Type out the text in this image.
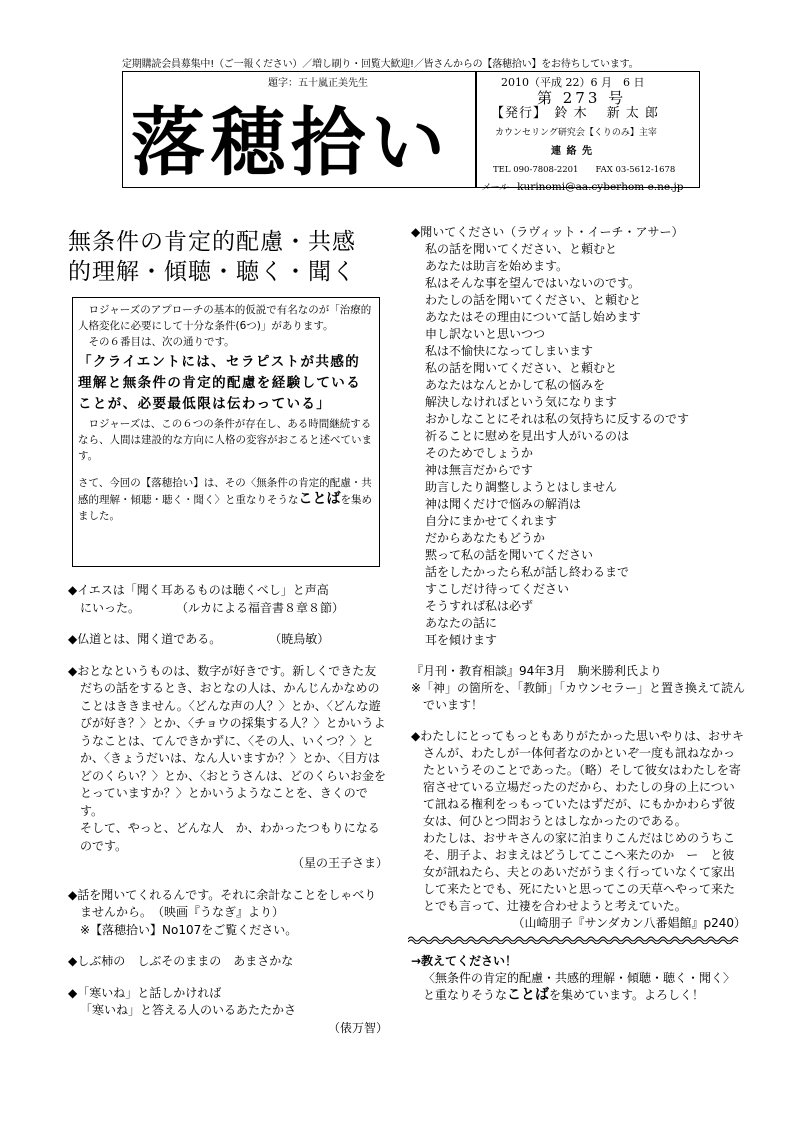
定期購読会員募集中!（ご一報ください）／増し刷り・回覧大歓迎!／皆さんからの【落穂拾い】をお待ちしています。
題字：五十嵐正美先生
落穂拾い
2010（平成 22）6 月　6 日
第 273 号
【発行】　鈴 木　 新 太 郎
カウンセリング研究会【くりのみ】主宰
連 絡 先
TEL 090-7808-2201　　FAX 03-5612-1678
メール kurinomi@aa.cyberhom e.ne.jp
無条件の肯定的配慮・共感
的理解・傾聴・聴く・聞く

　ロジャーズのアプローチの基本的仮説で有名なのが「治療的人格変化に必要にして十分な条件(6つ)」があります。

　その６番目は、次の通りです。

「クライエントには、セラピストが共感的理解と無条件の肯定的配慮を経験していることが、必要最低限は伝わっている」

　ロジャーズは、この６つの条件が存在し、ある時間継続するなら、人間は建設的な方向に人格の変容がおこると述べています。

さて、今回の【落穂拾い】は、その〈無条件の肯定的配慮・共感的理解・傾聴・聴く・聞く〉と重なりそうなことばを集めました。

◆イエスは「聞く耳あるものは聴くべし」と声高

にいった。　　　　（ルカによる福音書８章８節）

◆仏道とは、聞く道である。　　　　　（暁烏敏）

◆おとなというものは、数字が好きです。新しくできた友だちの話をするとき、おとなの人は、かんじんかなめのことはききません。〈どんな声の人？〉とか、〈どんな遊びが好き？〉とか、〈チョウの採集する人？〉とかいうようなことは、てんできかずに、〈その人、いくつ？〉とか、〈きょうだいは、なん人いますか？〉とか、〈目方はどのくらい？〉とか、〈おとうさんは、どのくらいお金をとっていますか？〉とかいうようなことを、きくのです。

そして、やっと、どんな人　か、わかったつもりになるのです。

（星の王子さま）

◆話を聞いてくれるんです。それに余計なことをしゃべりませんから。　（映画『うなぎ』より）

※【落穂拾い】No107をご覧ください。

◆しぶ柿の　しぶそのままの　あまさかな

◆「寒いね」と話しかければ

「寒いね」と答える人のいるあたたかさ

（俵万智）

◆聞いてください（ラヴィット・イーチ・アサー）

私の話を聞いてください、と頼むと

あなたは助言を始めます。

私はそんな事を望んではいないのです。

わたしの話を聞いてください、と頼むと

あなたはその理由について話し始めます

申し訳ないと思いつつ

私は不愉快になってしまいます

私の話を聞いてください、と頼むと

あなたはなんとかして私の悩みを

解決しなければという気になります

おかしなことにそれは私の気持ちに反するのです

祈ることに慰めを見出す人がいるのは

そのためでしょうか

神は無言だからです

助言したり調整しようとはしません

神は聞くだけで悩みの解消は

自分にまかせてくれます

だからあなたもどうか

黙って私の話を聞いてください

話をしたかったら私が話し終わるまで

すこしだけ待ってください

そうすれば私は必ず

あなたの話に

耳を傾けます

『月刊・教育相談』94年3月　駒米勝利氏より

※「神」の箇所を、「教師」「カウンセラー」と置き換えて読んでいます！

◆わたしにとってもっともありがたかった思いやりは、おサキさんが、わたしが一体何者なのかといぞ一度も訊ねなかったというそのことであった。（略）そして彼女はわたしを寄宿させている立場だったのだから、わたしの身の上について訊ねる権利をっもっていたはずだが、にもかかわらず彼女は、何ひとつ問おうとはしなかったのである。

わたしは、おサキさんの家に泊まりこんだはじめのうちこそ、朋子よ、おまえはどうしてここへ来たのか　ー　と彼女が訊ねたら、夫とのあいだがうまく行っていなくて家出して来たとでも、死にたいと思ってこの天草へやって来たとでも言って、辻褄を合わせようと考えていた。

（山崎朋子『サンダカン八番娼館』p240）

→教えてください！

〈無条件の肯定的配慮・共感的理解・傾聴・聴く・聞く〉と重なりそうなことばを集めています。よろしく！
